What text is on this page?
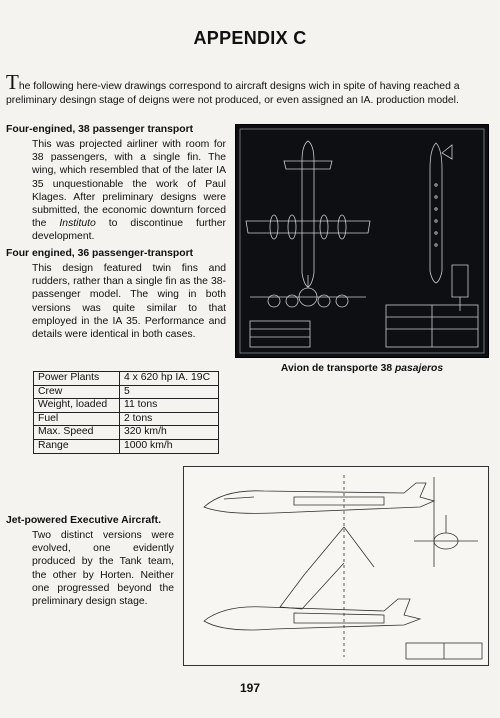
APPENDIX C
The following here-view drawings correspond to aircraft designs wich in spite of having reached a preliminary desingn stage of deigns were not produced, or even assigned an IA. production model.
Four-engined, 38 passenger transport
This was projected airliner with room for 38 passengers, with a single fin. The wing, which resembled that of the later IA 35 unquestionable the work of Paul Klages. After preliminary designs were submitted, the economic downturn forced the Instituto to discontinue further development.
Four engined, 36 passenger-transport
This design featured twin fins and rudders, rather than a single fin as the 38-passenger model. The wing in both versions was quite similar to that employed in the IA 35. Performance and details were identical in both cases.
Avion de transporte 38 pasajeros
Power Plants	4 x 620 hp IA. 19C
Crew	5
Weight, loaded	11 tons
Fuel	2 tons
Max. Speed	320 km/h
Range	1000 km/h
Jet-powered Executive Aircraft.
Two distinct versions were evolved, one evidently produced by the Tank team, the other by Horten. Neither one progressed beyond the preliminary design stage.
197
